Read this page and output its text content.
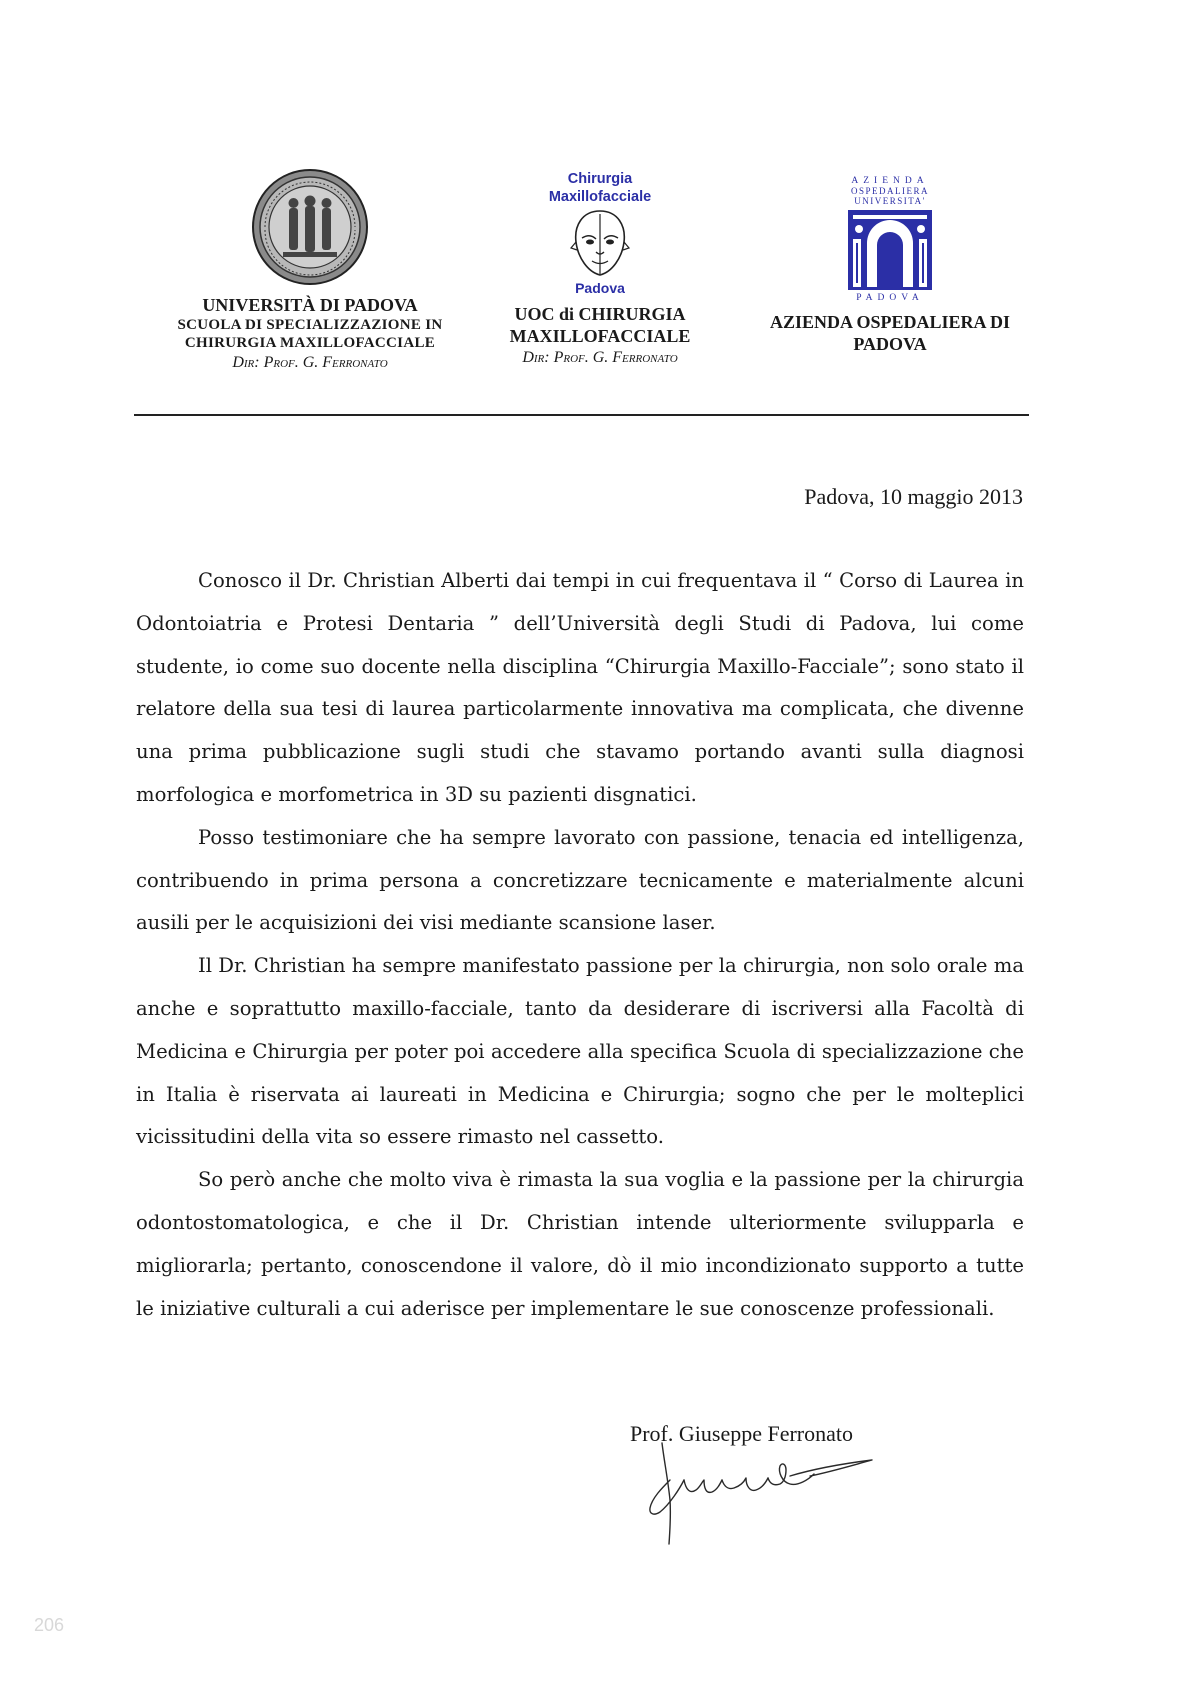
UNIVERSITÀ DI PADOVA
SCUOLA DI SPECIALIZZAZIONE IN
CHIRURGIA MAXILLOFACCIALE
Dir: Prof. G. Ferronato
Chirurgia
Maxillofacciale
Padova
UOC di CHIRURGIA
MAXILLOFACCIALE
Dir: Prof. G. Ferronato
AZIENDA
OSPEDALIERA
UNIVERSITA'
PADOVA
AZIENDA OSPEDALIERA DI
PADOVA
Padova, 10 maggio 2013

Conosco il Dr. Christian Alberti dai tempi in cui frequentava il “ Corso di Laurea in Odontoiatria e Protesi Dentaria ” dell’Università degli Studi di Padova, lui come studente, io come suo docente nella disciplina “Chirurgia Maxillo-Facciale”; sono stato il relatore della sua tesi di laurea particolarmente innovativa ma complicata, che divenne una prima pubblicazione sugli studi che stavamo portando avanti sulla diagnosi morfologica e morfometrica in 3D su pazienti disgnatici.

Posso testimoniare che ha sempre lavorato con passione, tenacia ed intelligenza, contribuendo in prima persona a concretizzare tecnicamente e materialmente alcuni ausili per le acquisizioni dei visi mediante scansione laser.

Il Dr. Christian ha sempre manifestato passione per la chirurgia, non solo orale ma anche e soprattutto maxillo-facciale, tanto da desiderare di iscriversi alla Facoltà di Medicina e Chirurgia per poter poi accedere alla specifica Scuola di specializzazione che in Italia è riservata ai laureati in Medicina e Chirurgia; sogno che per le molteplici vicissitudini della vita so essere rimasto nel cassetto.

So però anche che molto viva è rimasta la sua voglia e la passione per la chirurgia odontostomatologica, e che il Dr. Christian intende ulteriormente svilupparla e migliorarla; pertanto, conoscendone il valore, dò il mio incondizionato supporto a tutte le iniziative culturali a cui aderisce per implementare le sue conoscenze professionali.

Prof. Giuseppe Ferronato
206
